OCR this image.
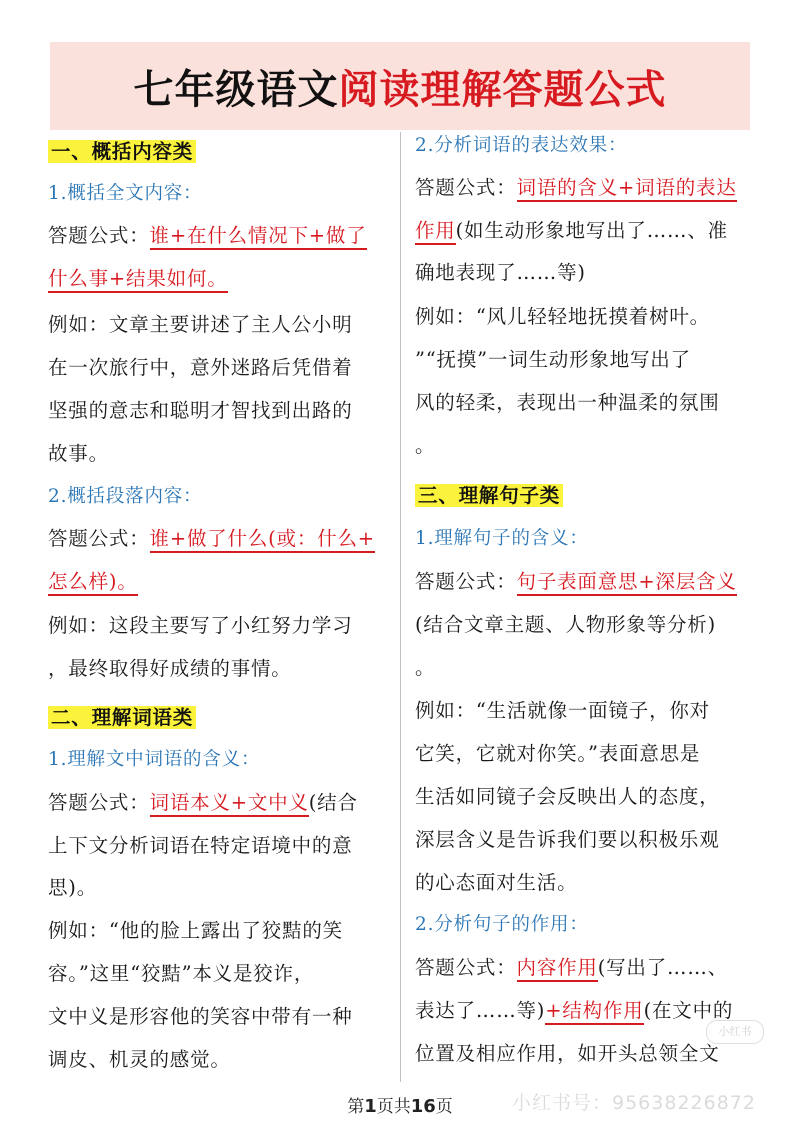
七年级语文 阅读理解答题公式
一、概括内容类
1.概括全文内容：
答题公式：谁+在什么情况下+做了
什么事+结果如何。
例如：文章主要讲述了主人公小明
在一次旅行中，意外迷路后凭借着
坚强的意志和聪明才智找到出路的
故事。
2.概括段落内容：
答题公式：谁+做了什么(或：什么+
怎么样)。
例如：这段主要写了小红努力学习
，最终取得好成绩的事情。
二、理解词语类
1.理解文中词语的含义：
答题公式：词语本义+文中义(结合
上下文分析词语在特定语境中的意
思)。
例如：“他的脸上露出了狡黠的笑
容。”这里“狡黠”本义是狡诈，
文中义是形容他的笑容中带有一种
调皮、机灵的感觉。
2.分析词语的表达效果：
答题公式：词语的含义+词语的表达
作用(如生动形象地写出了……、准
确地表现了……等)
例如：“风儿轻轻地抚摸着树叶。
”“抚摸”一词生动形象地写出了
风的轻柔，表现出一种温柔的氛围
。
三、理解句子类
1.理解句子的含义：
答题公式：句子表面意思+深层含义
(结合文章主题、人物形象等分析)
。
例如：“生活就像一面镜子，你对
它笑，它就对你笑。”表面意思是
生活如同镜子会反映出人的态度，
深层含义是告诉我们要以积极乐观
的心态面对生活。
2.分析句子的作用：
答题公式：内容作用(写出了……、
表达了……等)+结构作用(在文中的
位置及相应作用，如开头总领全文
第1页共16页
小红书
小红书号：95638226872
